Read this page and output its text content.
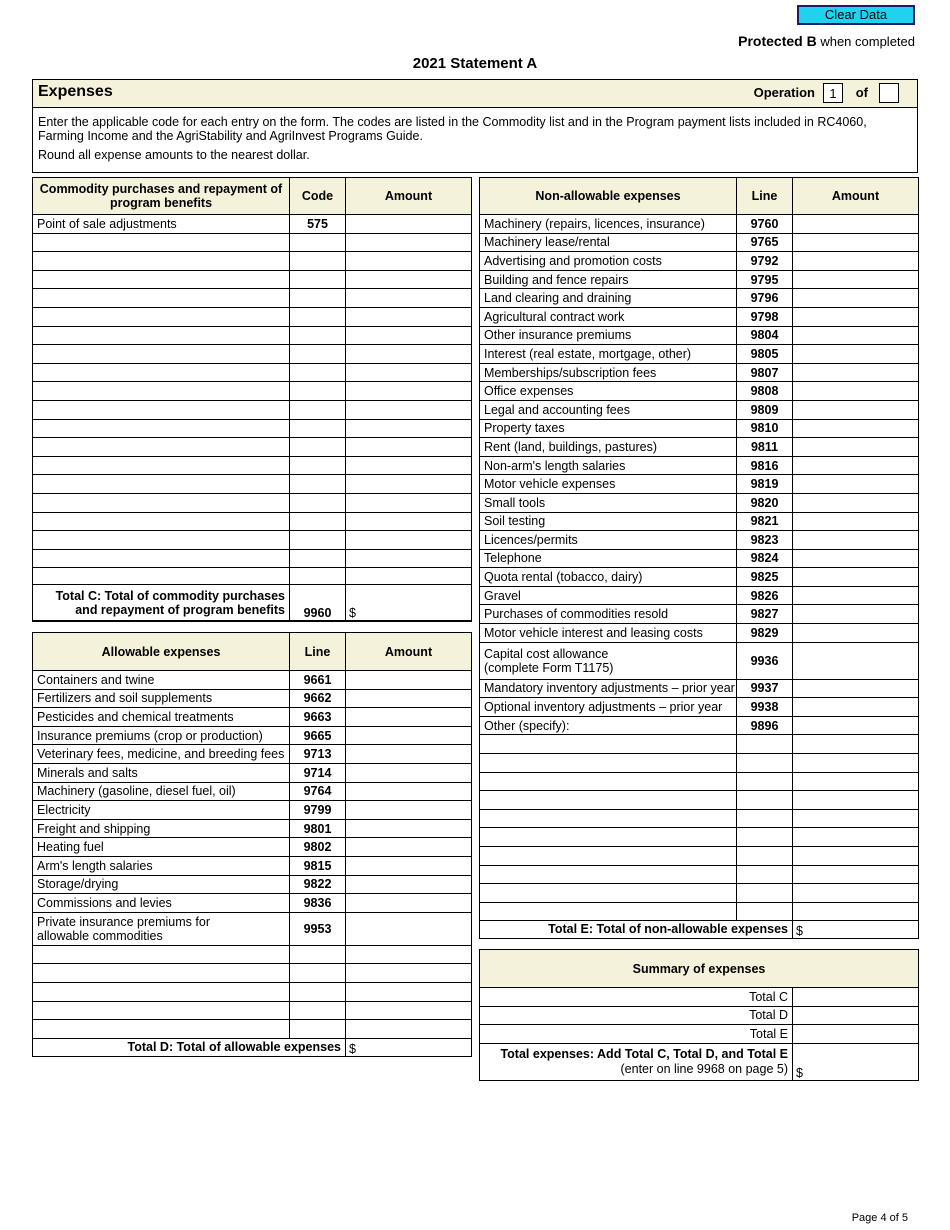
Clear Data
Protected B when completed
2021 Statement A
Expenses	Operation	1	of

Enter the applicable code for each entry on the form. The codes are listed in the Commodity list and in the Program payment lists included in RC4060, Farming Income and the AgriStability and AgriInvest Programs Guide.

Round all expense amounts to the nearest dollar.

Commodity purchases and repayment of program benefits	Code	Amount
Point of sale adjustments	575	

Total C: Total of commodity purchases and repayment of program benefits	9960	$
Allowable expenses	Line	Amount
Containers and twine	9661	
Fertilizers and soil supplements	9662	
Pesticides and chemical treatments	9663	
Insurance premiums (crop or production)	9665	
Veterinary fees, medicine, and breeding fees	9713	
Minerals and salts	9714	
Machinery (gasoline, diesel fuel, oil)	9764	
Electricity	9799	
Freight and shipping	9801	
Heating fuel	9802	
Arm's length salaries	9815	
Storage/drying	9822	
Commissions and levies	9836	

Private insurance premiums for
allowable commodities	9953	

Total D: Total of allowable expenses		$
Non-allowable expenses	Line	Amount
Machinery (repairs, licences, insurance)	9760	
Machinery lease/rental	9765	
Advertising and promotion costs	9792	
Building and fence repairs	9795	
Land clearing and draining	9796	
Agricultural contract work	9798	
Other insurance premiums	9804	
Interest (real estate, mortgage, other)	9805	
Memberships/subscription fees	9807	
Office expenses	9808	
Legal and accounting fees	9809	
Property taxes	9810	
Rent (land, buildings, pastures)	9811	
Non-arm's length salaries	9816	
Motor vehicle expenses	9819	
Small tools	9820	
Soil testing	9821	
Licences/permits	9823	
Telephone	9824	
Quota rental (tobacco, dairy)	9825	
Gravel	9826	
Purchases of commodities resold	9827	
Motor vehicle interest and leasing costs	9829	

Capital cost allowance
(complete Form T1175)	9936	
Mandatory inventory adjustments – prior year	9937	
Optional inventory adjustments – prior year	9938	
Other (specify):	9896	

Total E: Total of non-allowable expenses		$
Summary of expenses	
Total C	
Total D	
Total E	

Total expenses: Add Total C, Total D, and Total E
(enter on line 9968 on page 5)	$
Page 4 of 5
